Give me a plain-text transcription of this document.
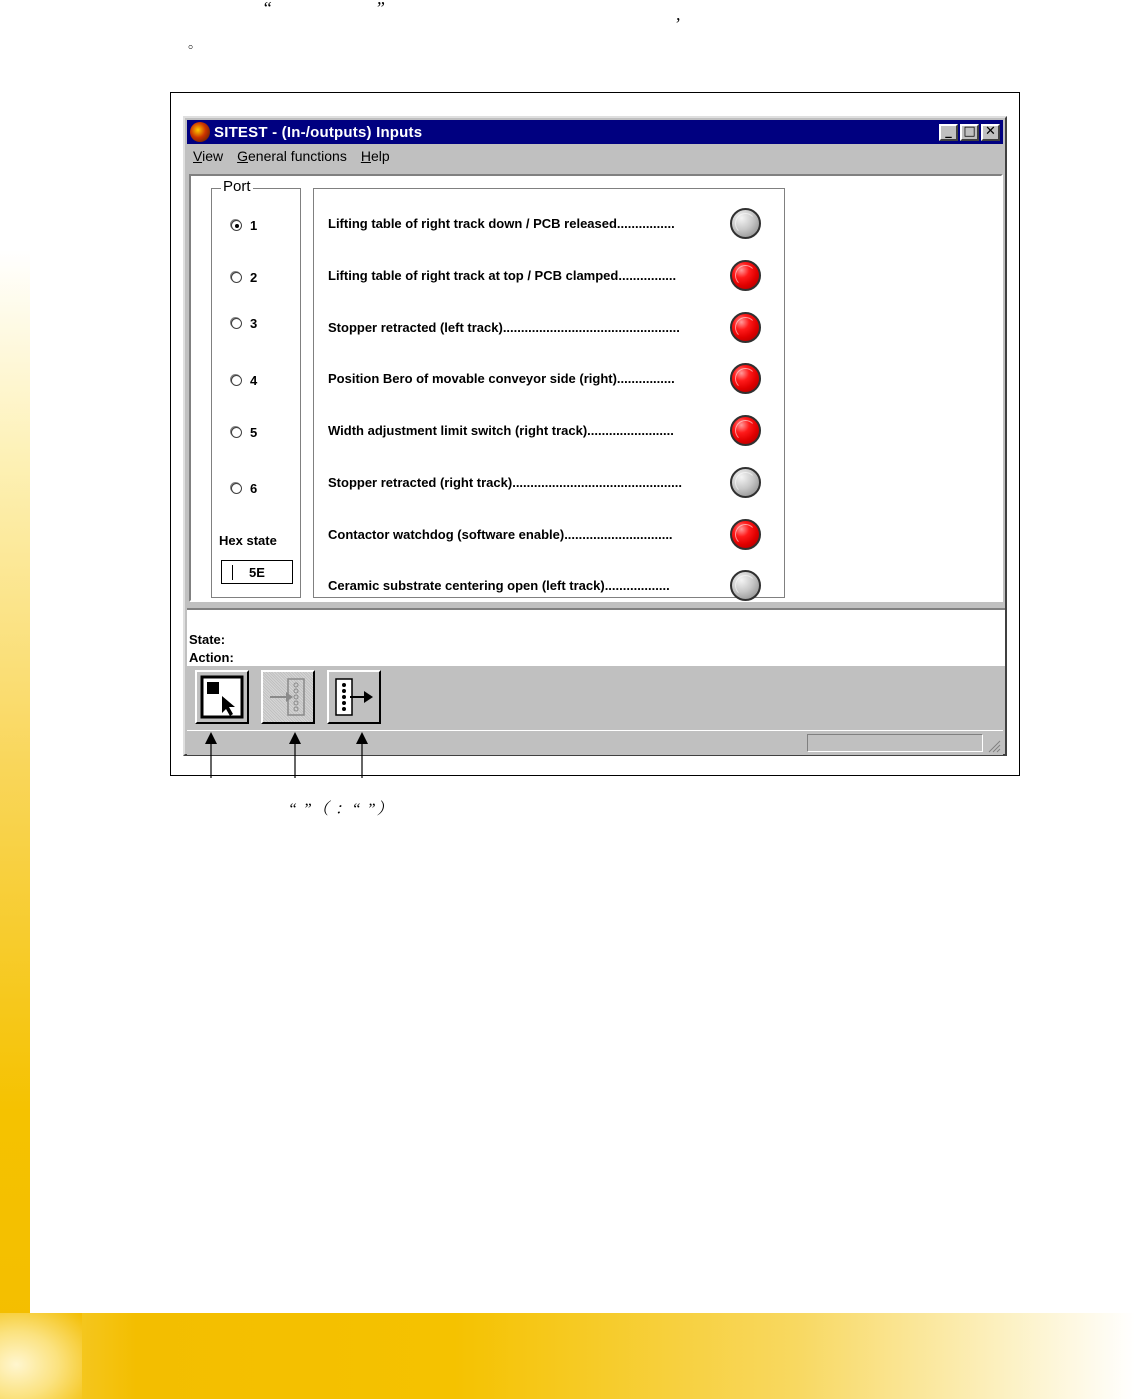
“	”	,
。
SITEST - (In-/outputs) Inputs	_ □ ✕
View General functions Help
Port
1
2
3
4
5
6
Hex state
5E
Lifting table of right track down / PCB released................
Lifting table of right track at top / PCB clamped................
Stopper retracted (left track).................................................
Position Bero of movable conveyor side (right)................
Width adjustment limit switch (right track)........................
Stopper retracted (right track)...............................................
Contactor watchdog (software enable)..............................
Ceramic substrate centering open (left track)..................
State:
Action:
“ ”（ ：“ ”）
